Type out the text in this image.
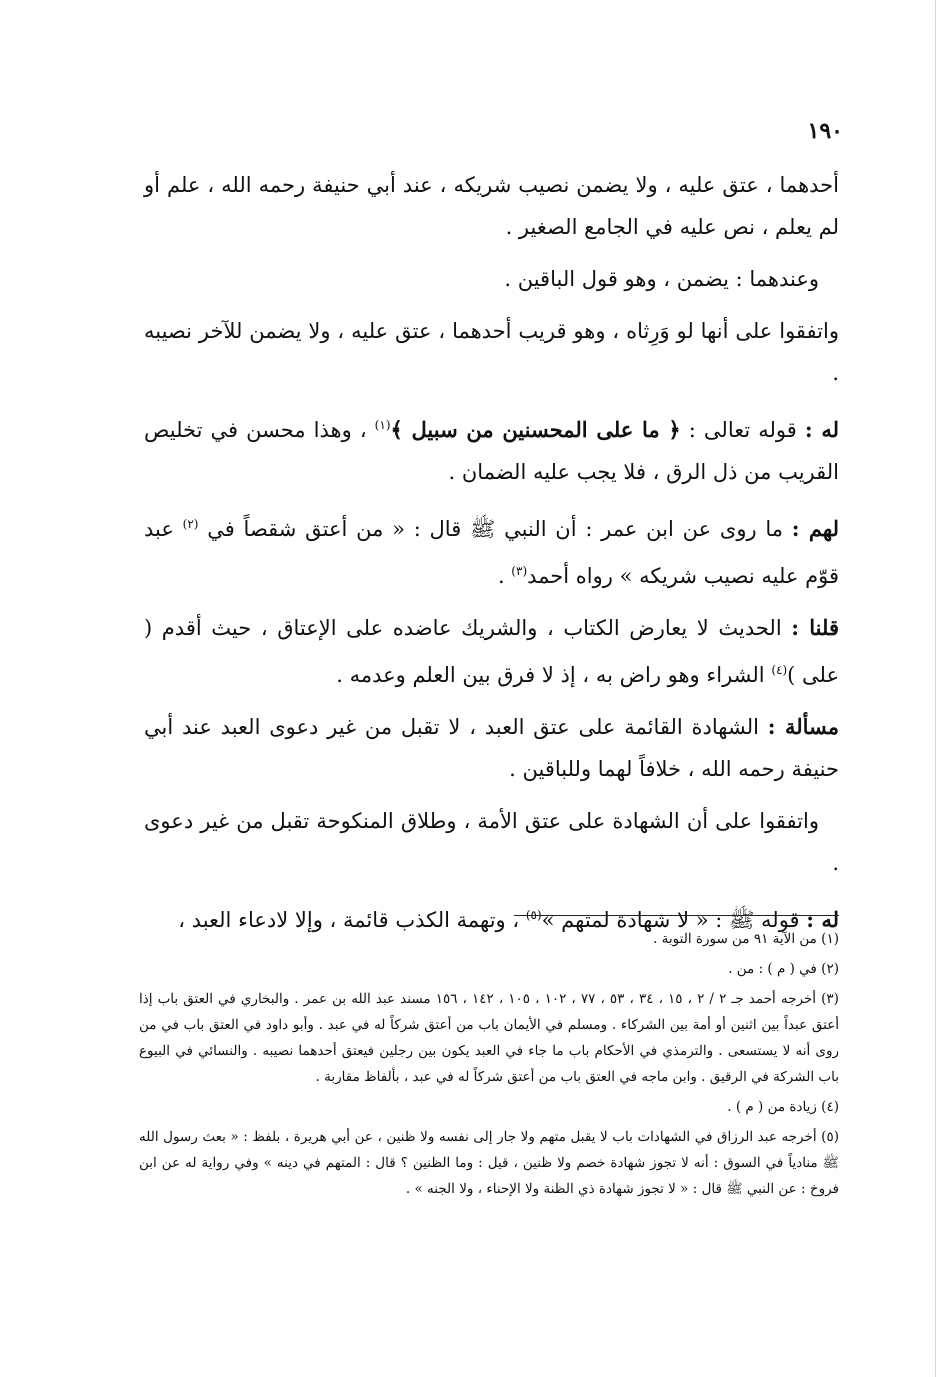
١٩٠

أحدهما ، عتق عليه ، ولا يضمن نصيب شريكه ، عند أبي حنيفة رحمه الله ، علم أو لم يعلم ، نص عليه في الجامع الصغير .

وعندهما : يضمن ، وهو قول الباقين .

واتفقوا على أنها لو وَرِثاه ، وهو قريب أحدهما ، عتق عليه ، ولا يضمن للآخر نصيبه .

له : قوله تعالى : ﴿ ما على المحسنين من سبيل ﴾$^{(١)}$ ، وهذا محسن في تخليص القريب من ذل الرق ، فلا يجب عليه الضمان .

لهم : ما روى عن ابن عمر : أن النبي ﷺ قال : « من أعتق شقصاً في $^{(٢)}$ عبد قوّم عليه نصيب شريكه » رواه أحمد$^{(٣)}$ .

قلنا : الحديث لا يعارض الكتاب ، والشريك عاضده على الإعتاق ، حيث أقدم ( على )$^{(٤)}$ الشراء وهو راض به ، إذ لا فرق بين العلم وعدمه .

مسألة : الشهادة القائمة على عتق العبد ، لا تقبل من غير دعوى العبد عند أبي حنيفة رحمه الله ، خلافاً لهما وللباقين .

واتفقوا على أن الشهادة على عتق الأمة ، وطلاق المنكوحة تقبل من غير دعوى .

له : قوله ﷺ : « لا شهادة لمتهم »$^{(٥)}$ ، وتهمة الكذب قائمة ، وإلا لادعاء العبد ،

(١) من الآية ٩١ من سورة التوبة .

(٢) في ( م ) : من .

(٣) أخرجه أحمد جـ ٢ / ٢ ، ١٥ ، ٣٤ ، ٥٣ ، ٧٧ ، ١٠٢ ، ١٠٥ ، ١٤٢ ، ١٥٦ مسند عبد الله بن عمر . والبخاري في العتق باب إذا أعتق عبداً بين اثنين أو أمة بين الشركاء . ومسلم في الأيمان باب من أعتق شركاً له في عبد . وأبو داود في العتق باب في من روى أنه لا يستسعى . والترمذي في الأحكام باب ما جاء في العبد يكون بين رجلين فيعتق أحدهما نصيبه . والنسائي في البيوع باب الشركة في الرقيق . وابن ماجه في العتق باب من أعتق شركاً له في عبد ، بألفاظ مقاربة .

(٤) زيادة من ( م ) .

(٥) أخرجه عبد الرزاق في الشهادات باب لا يقبل متهم ولا جار إلى نفسه ولا ظنين ، عن أبي هريرة ، بلفظ : « بعث رسول الله ﷺ منادياً في السوق : أنه لا تجوز شهادة خصم ولا ظنين ، قيل : وما الظنين ؟ قال : المتهم في دينه » وفي رواية له عن ابن فروخ : عن النبي ﷺ قال : « لا تجوز شهادة ذي الظنة ولا الإحناء ، ولا الجنه » .
